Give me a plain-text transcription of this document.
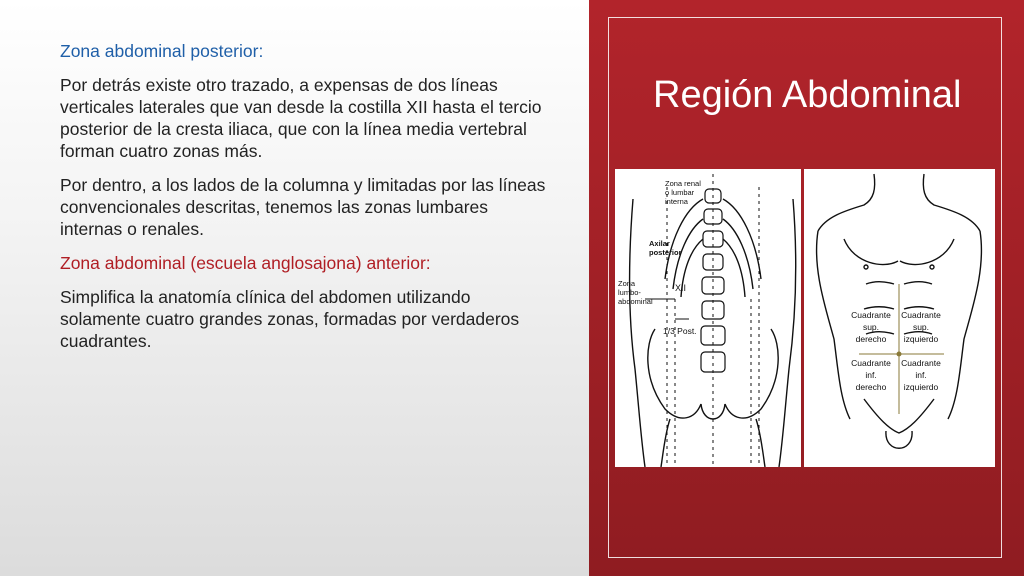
Zona abdominal posterior:

Por detrás existe otro trazado, a expensas de dos líneas verticales laterales que van desde la costilla XII hasta el tercio posterior de la cresta iliaca, que con la línea media vertebral forman cuatro zonas más.

Por dentro, a los lados de la columna y limitadas por las líneas convencionales descritas, tenemos las zonas lumbares internas o renales.

Zona abdominal (escuela anglosajona) anterior:

Simplifica la anatomía clínica del abdomen utilizando solamente cuatro grandes zonas, formadas por verdaderos cuadrantes.

Región Abdominal
Zona renal
o lumbar
interna
Axilar
posterior
Zona
lumbo-
abdominal
XII
1/3 Post.
Cuadrante
sup.
derecho
Cuadrante
sup.
izquierdo
Cuadrante
inf.
derecho
Cuadrante
inf.
izquierdo
